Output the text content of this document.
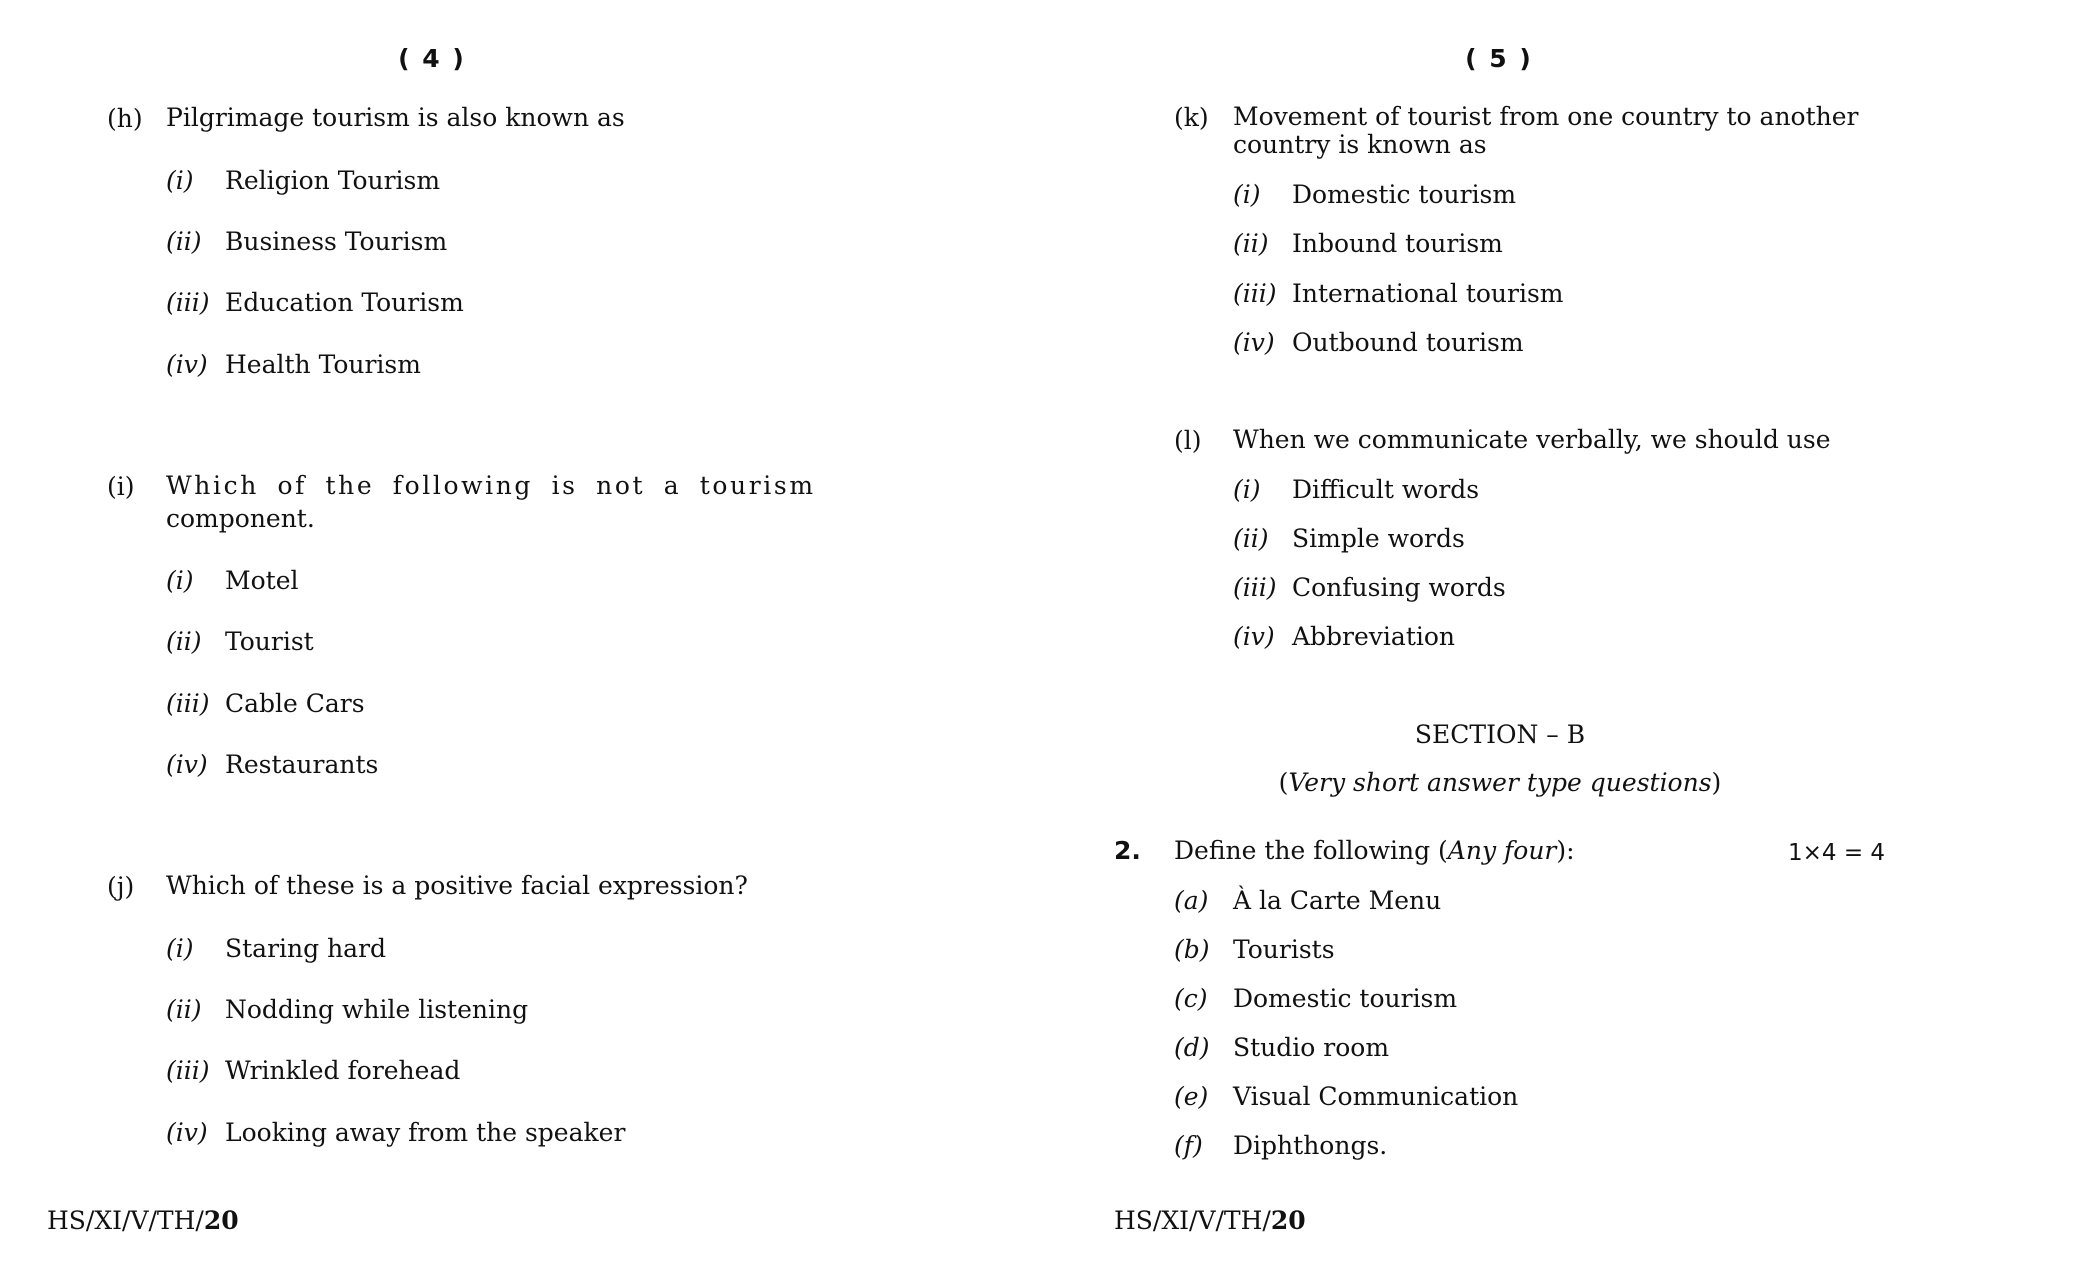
( 4 )
(h) Pilgrimage tourism is also known as
(i) Religion Tourism
(ii) Business Tourism
(iii) Education Tourism
(iv) Health Tourism
(i) Which of the following is not a tourism
component.
(i) Motel
(ii) Tourist
(iii) Cable Cars
(iv) Restaurants
(j) Which of these is a positive facial expression?
(i) Staring hard
(ii) Nodding while listening
(iii) Wrinkled forehead
(iv) Looking away from the speaker
HS/XI/V/TH/20
( 5 )
(k) Movement of tourist from one country to another
country is known as
(i) Domestic tourism
(ii) Inbound tourism
(iii) International tourism
(iv) Outbound tourism
(l) When we communicate verbally, we should use
(i) Difficult words
(ii) Simple words
(iii) Confusing words
(iv) Abbreviation
SECTION – B
(Very short answer type questions)
2. Define the following (Any four):	1×4 = 4
(a) À la Carte Menu
(b) Tourists
(c) Domestic tourism
(d) Studio room
(e) Visual Communication
(f) Diphthongs.
HS/XI/V/TH/20
